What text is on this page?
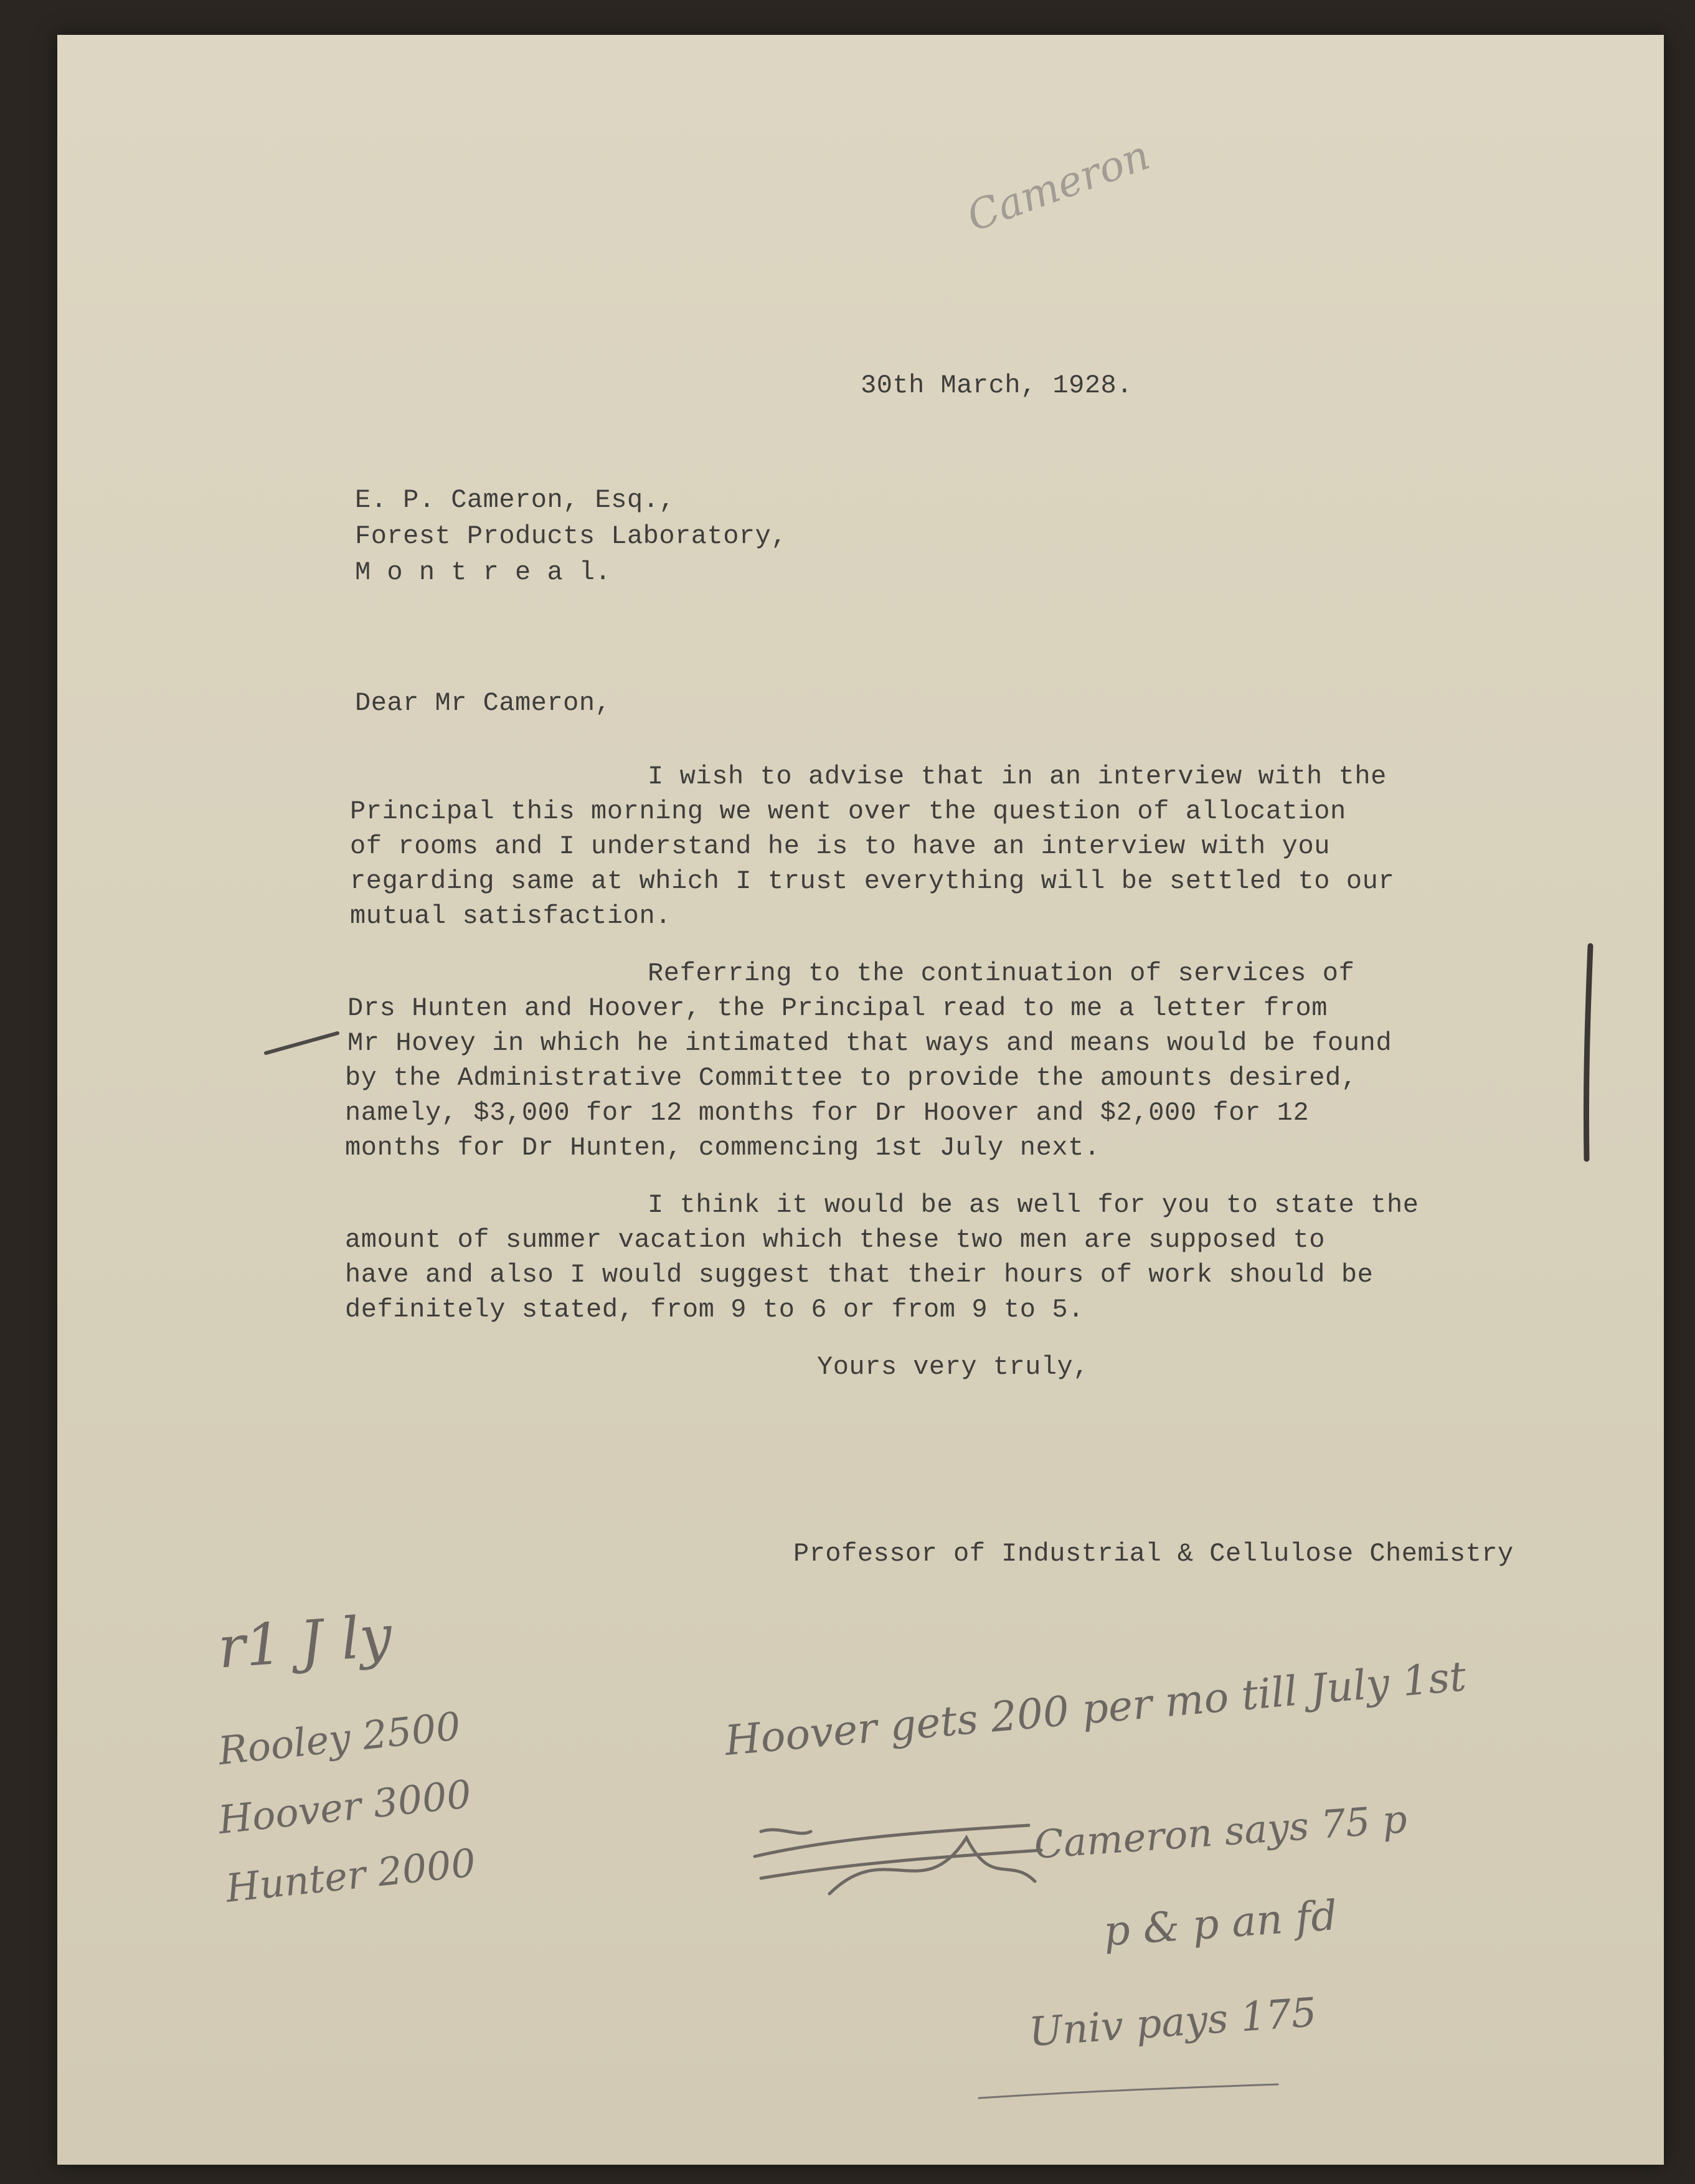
Cameron
30th March, 1928.
E. P. Cameron, Esq.,
Forest Products Laboratory,
M o n t r e a l.
Dear Mr Cameron,
I wish to advise that in an interview with the
Principal this morning we went over the question of allocation
of rooms and I understand he is to have an interview with you
regarding same at which I trust everything will be settled to our
mutual satisfaction.
Referring to the continuation of services of
Drs Hunten and Hoover, the Principal read to me a letter from
Mr Hovey in which he intimated that ways and means would be found
by the Administrative Committee to provide the amounts desired,
namely, $3,000 for 12 months for Dr Hoover and $2,000 for 12
months for Dr Hunten, commencing 1st July next.
I think it would be as well for you to state the
amount of summer vacation which these two men are supposed to
have and also I would suggest that their hours of work should be
definitely stated, from 9 to 6 or from 9 to 5.
Yours very truly,
Professor of Industrial & Cellulose Chemistry
r1 J ly
Rooley 2500
Hoover 3000
Hunter 2000
Hoover gets 200 per mo till July 1st
Cameron says 75 p
p & p an fd
Univ pays 175
